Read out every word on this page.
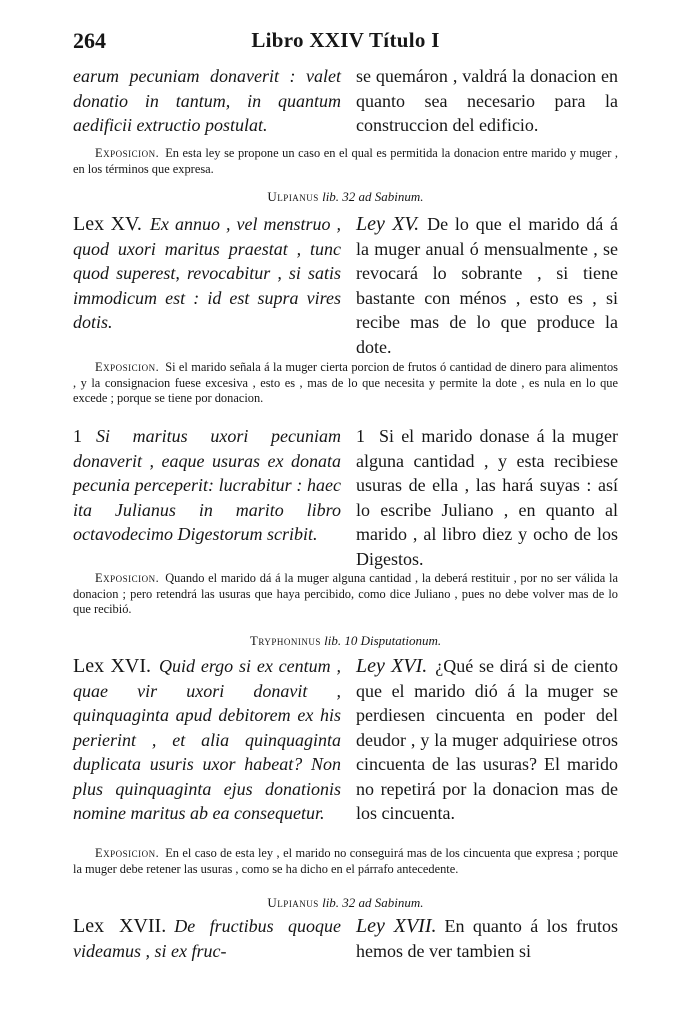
264	Libro XXIV Título I

earum pecuniam donaverit : valet donatio in tantum, in quantum aedificii extructio postulat.

se quemáron , valdrá la donacion en quanto sea necesario para la construccion del edificio.

Exposicion. En esta ley se propone un caso en el qual es permitida la donacion entre marido y muger , en los términos que expresa.

Ulpianus lib. 32 ad Sabinum.

Lex XV. Ex annuo , vel menstruo , quod uxori maritus praestat , tunc quod superest, revocabitur , si satis immodicum est : id est supra vires dotis.

Ley XV. De lo que el marido dá á la muger anual ó mensualmente , se revocará lo sobrante , si tiene bastante con ménos , esto es , si recibe mas de lo que produce la dote.

Exposicion. Si el marido señala á la muger cierta porcion de frutos ó cantidad de dinero para alimentos , y la consignacion fuese excesiva , esto es , mas de lo que necesita y permite la dote , es nula en lo que excede ; porque se tiene por donacion.

1 Si maritus uxori pecuniam donaverit , eaque usuras ex donata pecunia perceperit: lucrabitur : haec ita Julianus in marito libro octavodecimo Digestorum scribit.

1 Si el marido donase á la muger alguna cantidad , y esta recibiese usuras de ella , las hará suyas : así lo escribe Juliano , en quanto al marido , al libro diez y ocho de los Digestos.

Exposicion. Quando el marido dá á la muger alguna cantidad , la deberá restituir , por no ser válida la donacion ; pero retendrá las usuras que haya percibido, como dice Juliano , pues no debe volver mas de lo que recibió.

Tryphoninus lib. 10 Disputationum.

Lex XVI. Quid ergo si ex centum , quae vir uxori donavit , quinquaginta apud debitorem ex his perierint , et alia quinquaginta duplicata usuris uxor habeat? Non plus quinquaginta ejus donationis nomine maritus ab ea consequetur.

Ley XVI. ¿Qué se dirá si de ciento que el marido dió á la muger se perdiesen cincuenta en poder del deudor , y la muger adquiriese otros cincuenta de las usuras? El marido no repetirá por la donacion mas de los cincuenta.

Exposicion. En el caso de esta ley , el marido no conseguirá mas de los cincuenta que expresa ; porque la muger debe retener las usuras , como se ha dicho en el párrafo antecedente.

Ulpianus lib. 32 ad Sabinum.

Lex XVII. De fructibus quoque videamus , si ex fruc-

Ley XVII. En quanto á los frutos hemos de ver tambien si
